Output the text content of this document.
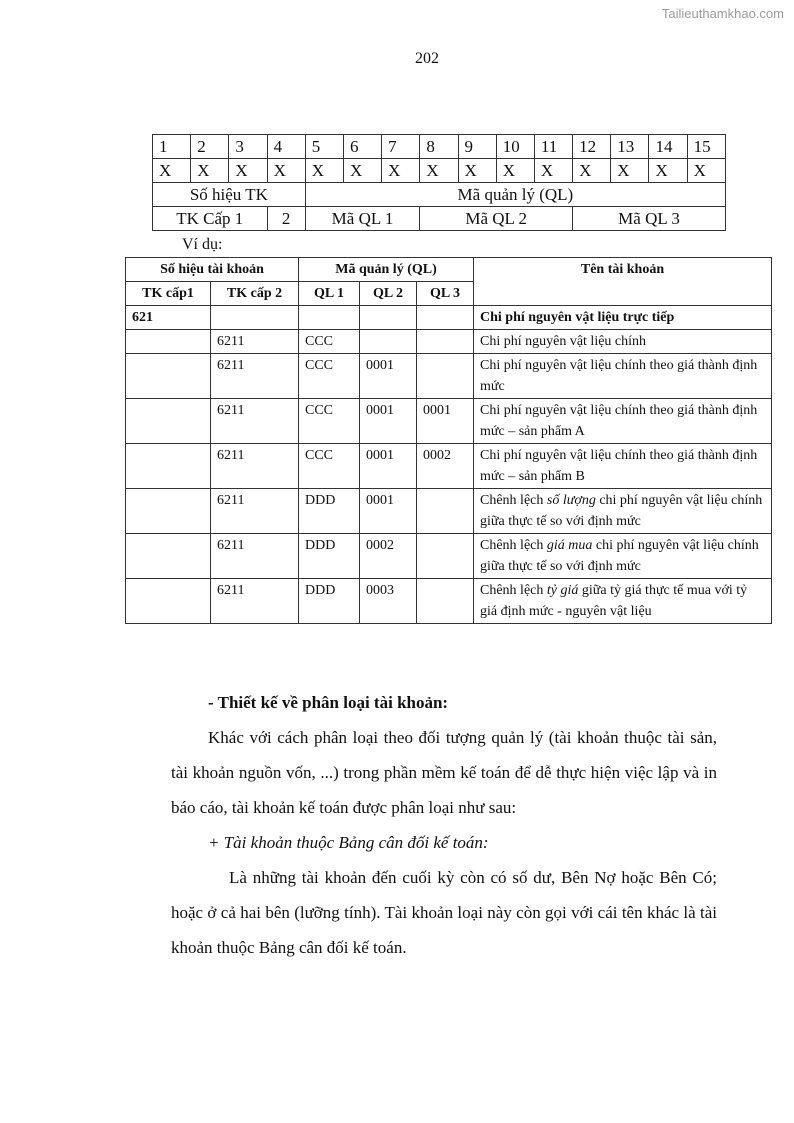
Tailieuthamkhao.com
202
1	2	3	4	5	6	7	8	9	10	11	12	13	14	15
X	X	X	X	X	X	X	X	X	X	X	X	X	X	X
Số hiệu TK				Mã quản lý (QL)										
TK Cấp 1			2	Mã QL 1			Mã QL 2				Mã QL 3			
Ví dụ:
Số hiệu tài khoản		Mã quản lý (QL)			Tên tài khoản
TK cấp1	TK cấp 2	QL 1	QL 2	QL 3	
621					Chi phí nguyên vật liệu trực tiếp
	6211	CCC			Chi phí nguyên vật liệu chính
	6211	CCC	0001		Chi phí nguyên vật liệu chính theo giá thành định mức
	6211	CCC	0001	0001	Chi phí nguyên vật liệu chính theo giá thành định mức – sản phẩm A
	6211	CCC	0001	0002	Chi phí nguyên vật liệu chính theo giá thành định mức – sản phẩm B
	6211	DDD	0001		Chênh lệch số lượng chi phí nguyên vật liệu chính giữa thực tế so với định mức
	6211	DDD	0002		Chênh lệch giá mua chi phí nguyên vật liệu chính giữa thực tế so với định mức
	6211	DDD	0003		Chênh lệch tỷ giá giữa tỷ giá thực tế mua với tỷ giá định mức - nguyên vật liệu
- Thiết kế về phân loại tài khoản:
Khác với cách phân loại theo đối tượng quản lý (tài khoản thuộc tài sản, tài khoản nguồn vốn, ...) trong phần mềm kế toán để dễ thực hiện việc lập và in báo cáo, tài khoản kế toán được phân loại như sau:
+ Tài khoản thuộc Bảng cân đối kế toán:
Là những tài khoản đến cuối kỳ còn có số dư, Bên Nợ hoặc Bên Có; hoặc ở cả hai bên (lưỡng tính). Tài khoản loại này còn gọi với cái tên khác là tài khoản thuộc Bảng cân đối kế toán.
